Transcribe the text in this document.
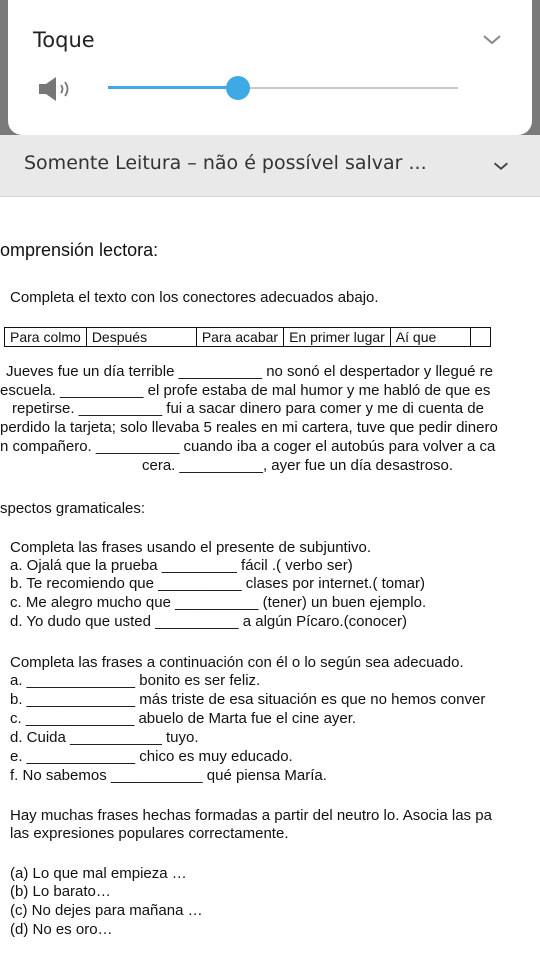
Toque
Somente Leitura – não é possível salvar ...
omprensión lectora:
Completa el texto con los conectores adecuados abajo.
Para colmo	Después	Para acabar	En primer lugar	Aí que	
Jueves fue un día terrible __________ no sonó el despertador y llegué re
escuela. __________ el profe estaba de mal humor y me habló de que es
repetirse. __________ fui a sacar dinero para comer y me di cuenta de
perdido la tarjeta; solo llevaba 5 reales en mi cartera, tuve que pedir dinero
n compañero. __________ cuando iba a coger el autobús para volver a ca
cera. __________, ayer fue un día desastroso.
spectos gramaticales:
Completa las frases usando el presente de subjuntivo.
a. Ojalá que la prueba _________ fácil .( verbo ser)
b. Te recomiendo que __________ clases por internet.( tomar)
c. Me alegro mucho que __________ (tener) un buen ejemplo.
d. Yo dudo que usted __________ a algún Pícaro.(conocer)
Completa las frases a continuación con él o lo según sea adecuado.
a. _____________ bonito es ser feliz.
b. _____________ más triste de esa situación es que no hemos conver
c. _____________ abuelo de Marta fue el cine ayer.
d. Cuida ___________ tuyo.
e. _____________ chico es muy educado.
f. No sabemos ___________ qué piensa María.
Hay muchas frases hechas formadas a partir del neutro lo. Asocia las pa
las expresiones populares correctamente.
(a) Lo que mal empieza …
(b) Lo barato…
(c) No dejes para mañana …
(d) No es oro…
